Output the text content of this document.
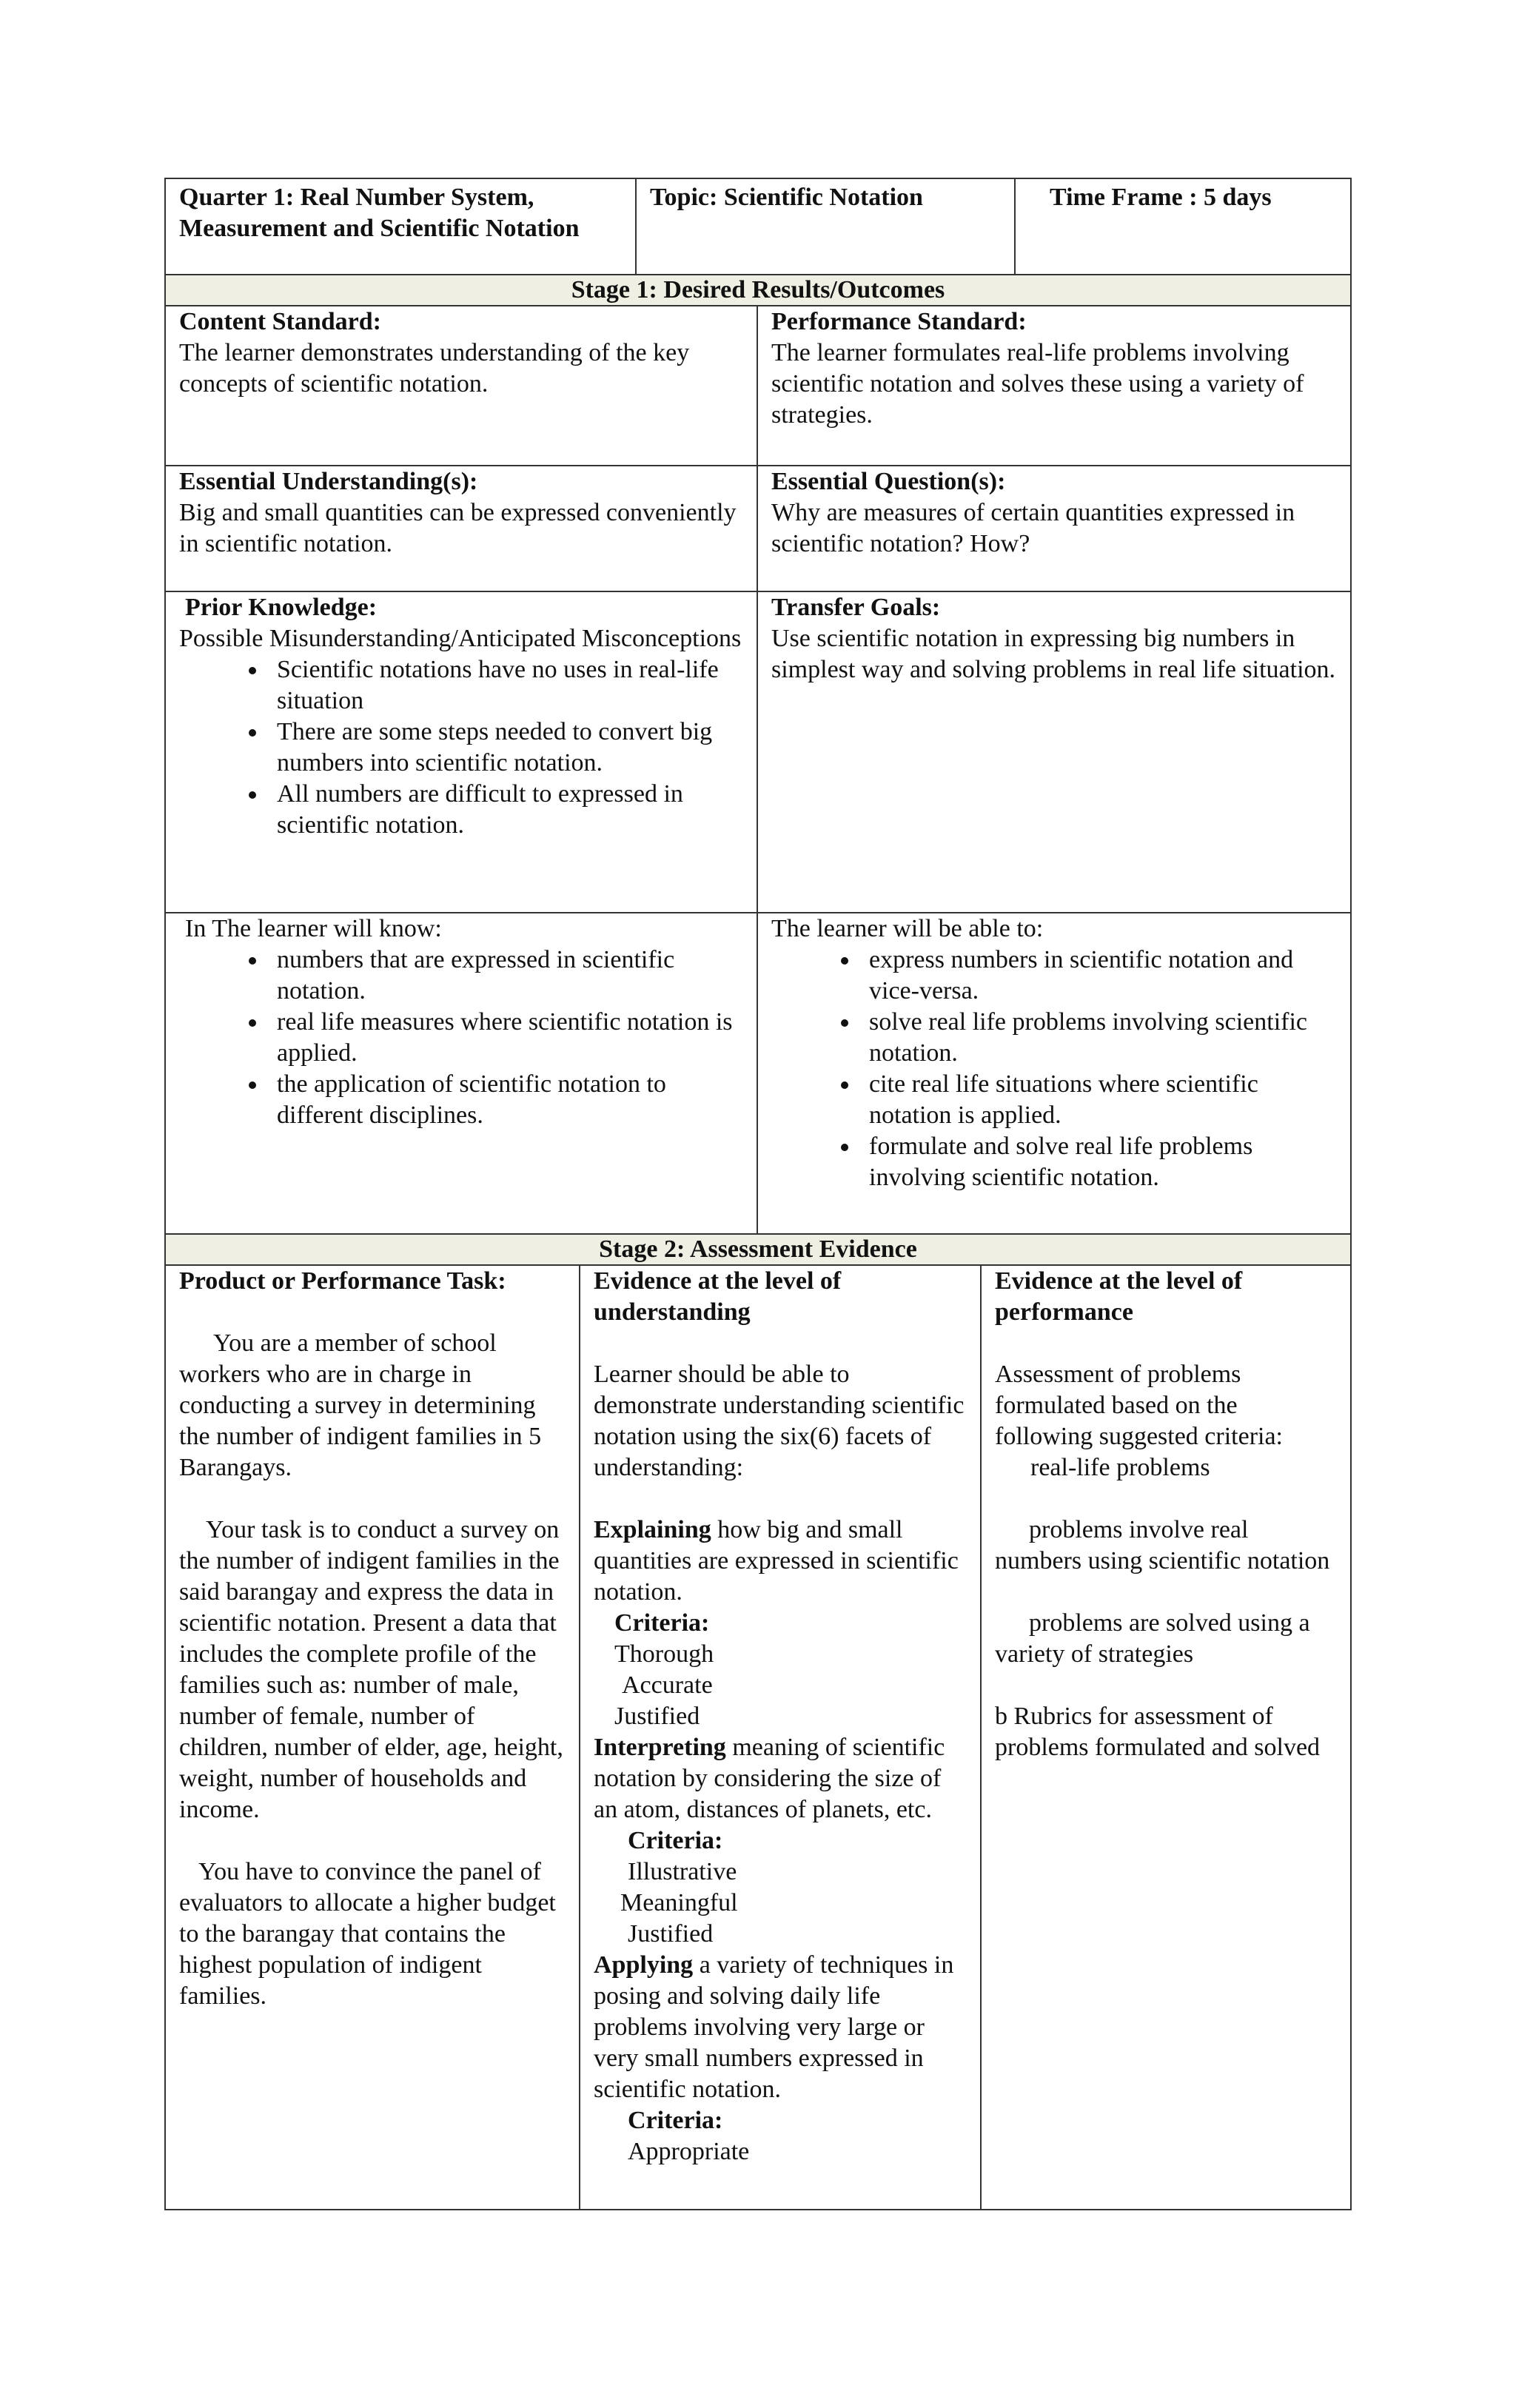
Quarter 1: Real Number System, Measurement and Scientific Notation
Topic: Scientific Notation	Time Frame : 5 days
Stage 1: Desired Results/Outcomes
Content Standard:
The learner demonstrates understanding of the key concepts of scientific notation.
Performance Standard:
The learner formulates real-life problems involving scientific notation and solves these using a variety of strategies.
Essential Understanding(s):
Big and small quantities can be expressed conveniently in scientific notation.
Essential Question(s):
Why are measures of certain quantities expressed in scientific notation? How?
Prior Knowledge:
Possible Misunderstanding/Anticipated Misconceptions
• Scientific notations have no uses in real-life situation
• There are some steps needed to convert big numbers into scientific notation.
• All numbers are difficult to expressed in scientific notation.
Transfer Goals:
Use scientific notation in expressing big numbers in simplest way and solving problems in real life situation.
In The learner will know:
• numbers that are expressed in scientific notation.
• real life measures where scientific notation is applied.
• the application of scientific notation to different disciplines.
The learner will be able to:
• express numbers in scientific notation and vice-versa.
• solve real life problems involving scientific notation.
• cite real life situations where scientific notation is applied.
• formulate and solve real life problems involving scientific notation.
Stage 2: Assessment Evidence
Product or Performance Task:
You are a member of school workers who are in charge in conducting a survey in determining the number of indigent families in 5 Barangays.
Your task is to conduct a survey on the number of indigent families in the said barangay and express the data in scientific notation. Present a data that includes the complete profile of the families such as: number of male, number of female, number of children, number of elder, age, height, weight, number of households and income.
You have to convince the panel of evaluators to allocate a higher budget to the barangay that contains the highest population of indigent families.
Evidence at the level of understanding
Learner should be able to demonstrate understanding scientific notation using the six(6) facets of understanding:
Explaining how big and small quantities are expressed in scientific notation.
Criteria:
Thorough
Accurate
Justified
Interpreting meaning of scientific notation by considering the size of an atom, distances of planets, etc.
Criteria:
Illustrative
Meaningful
Justified
Applying a variety of techniques in posing and solving daily life problems involving very large or very small numbers expressed in scientific notation.
Criteria:
Appropriate
Evidence at the level of performance
Assessment of problems formulated based on the following suggested criteria:
real-life problems
problems involve real numbers using scientific notation
problems are solved using a variety of strategies
b Rubrics for assessment of problems formulated and solved
